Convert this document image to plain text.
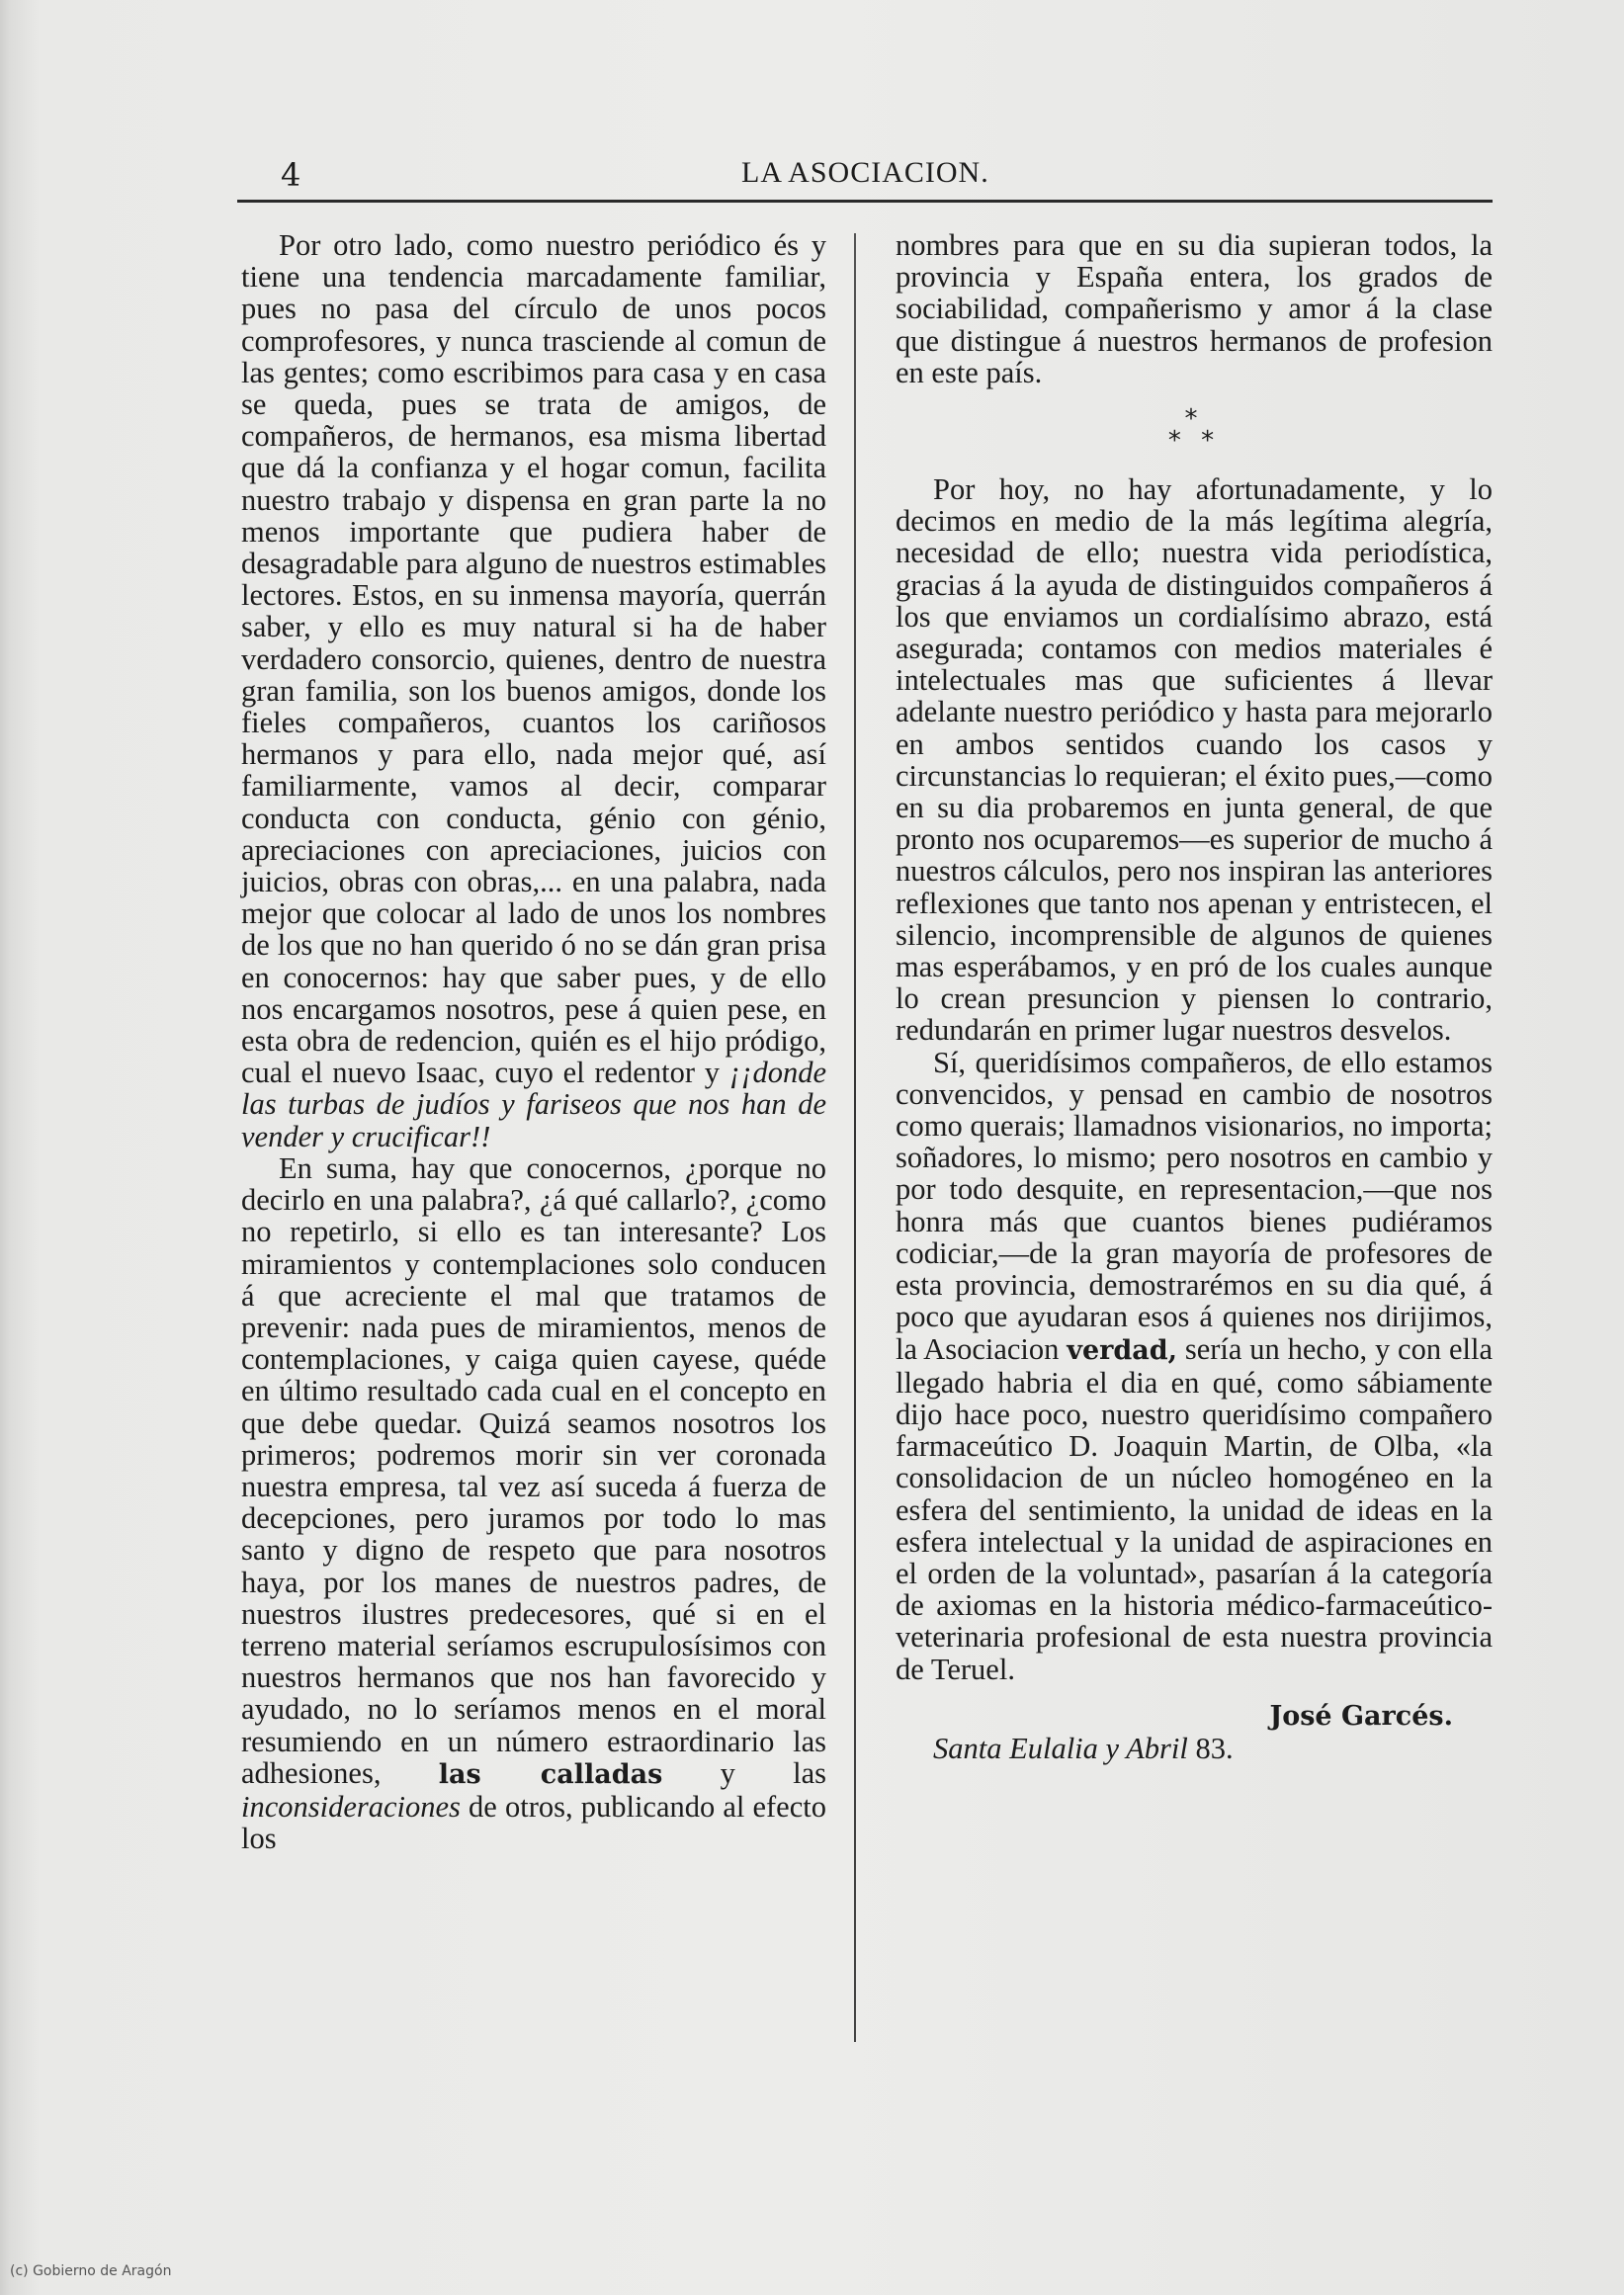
4	LA ASOCIACION.

Por otro lado, como nuestro periódico és y tiene una tendencia marcadamente familiar, pues no pasa del círculo de unos pocos comprofesores, y nunca trasciende al comun de las gentes; como escribimos para casa y en casa se queda, pues se trata de amigos, de compañeros, de hermanos, esa misma libertad que dá la confianza y el hogar comun, facilita nuestro trabajo y dispensa en gran parte la no menos importante que pudiera haber de desagradable para alguno de nuestros estimables lectores. Estos, en su inmensa mayoría, querrán saber, y ello es muy natural si ha de haber verdadero consorcio, quienes, dentro de nuestra gran familia, son los buenos amigos, donde los fieles compañeros, cuantos los cariñosos hermanos y para ello, nada mejor qué, así familiarmente, vamos al decir, comparar conducta con conducta, génio con génio, apreciaciones con apreciaciones, juicios con juicios, obras con obras,... en una palabra, nada mejor que colocar al lado de unos los nombres de los que no han querido ó no se dán gran prisa en conocernos: hay que saber pues, y de ello nos encargamos nosotros, pese á quien pese, en esta obra de redencion, quién es el hijo pródigo, cual el nuevo Isaac, cuyo el redentor y ¡¡donde las turbas de judíos y fariseos que nos han de vender y crucificar!!

En suma, hay que conocernos, ¿porque no decirlo en una palabra?, ¿á qué callarlo?, ¿como no repetirlo, si ello es tan interesante? Los miramientos y contemplaciones solo conducen á que acreciente el mal que tratamos de prevenir: nada pues de miramientos, menos de contemplaciones, y caiga quien cayese, quéde en último resultado cada cual en el concepto en que debe quedar. Quizá seamos nosotros los primeros; podremos morir sin ver coronada nuestra empresa, tal vez así suceda á fuerza de decepciones, pero juramos por todo lo mas santo y digno de respeto que para nosotros haya, por los manes de nuestros padres, de nuestros ilustres predecesores, qué si en el terreno material seríamos escrupulosísimos con nuestros hermanos que nos han favorecido y ayudado, no lo seríamos menos en el moral resumiendo en un número estraordinario las adhesiones, las calladas y las inconsideraciones de otros, publicando al efecto los

nombres para que en su dia supieran todos, la provincia y España entera, los grados de sociabilidad, compañerismo y amor á la clase que distingue á nuestros hermanos de profesion en este país.

*
* *

Por hoy, no hay afortunadamente, y lo decimos en medio de la más legítima alegría, necesidad de ello; nuestra vida periodística, gracias á la ayuda de distinguidos compañeros á los que enviamos un cordialísimo abrazo, está asegurada; contamos con medios materiales é intelectuales mas que suficientes á llevar adelante nuestro periódico y hasta para mejorarlo en ambos sentidos cuando los casos y circunstancias lo requieran; el éxito pues,—como en su dia probaremos en junta general, de que pronto nos ocuparemos—es superior de mucho á nuestros cálculos, pero nos inspiran las anteriores reflexiones que tanto nos apenan y entristecen, el silencio, incomprensible de algunos de quienes mas esperábamos, y en pró de los cuales aunque lo crean presuncion y piensen lo contrario, redundarán en primer lugar nuestros desvelos.

Sí, queridísimos compañeros, de ello estamos convencidos, y pensad en cambio de nosotros como querais; llamadnos visionarios, no importa; soñadores, lo mismo; pero nosotros en cambio y por todo desquite, en representacion,—que nos honra más que cuantos bienes pudiéramos codiciar,—de la gran mayoría de profesores de esta provincia, demostrarémos en su dia qué, á poco que ayudaran esos á quienes nos dirijimos, la Asociacion verdad, sería un hecho, y con ella llegado habria el dia en qué, como sábiamente dijo hace poco, nuestro queridísimo compañero farmaceútico D. Joaquin Martin, de Olba, «la consolidacion de un núcleo homogéneo en la esfera del sentimiento, la unidad de ideas en la esfera intelectual y la unidad de aspiraciones en el orden de la voluntad», pasarían á la categoría de axiomas en la historia médico-farmaceútico-veterinaria profesional de esta nuestra provincia de Teruel.

José Garcés.

Santa Eulalia y Abril 83.

(c) Gobierno de Aragón
